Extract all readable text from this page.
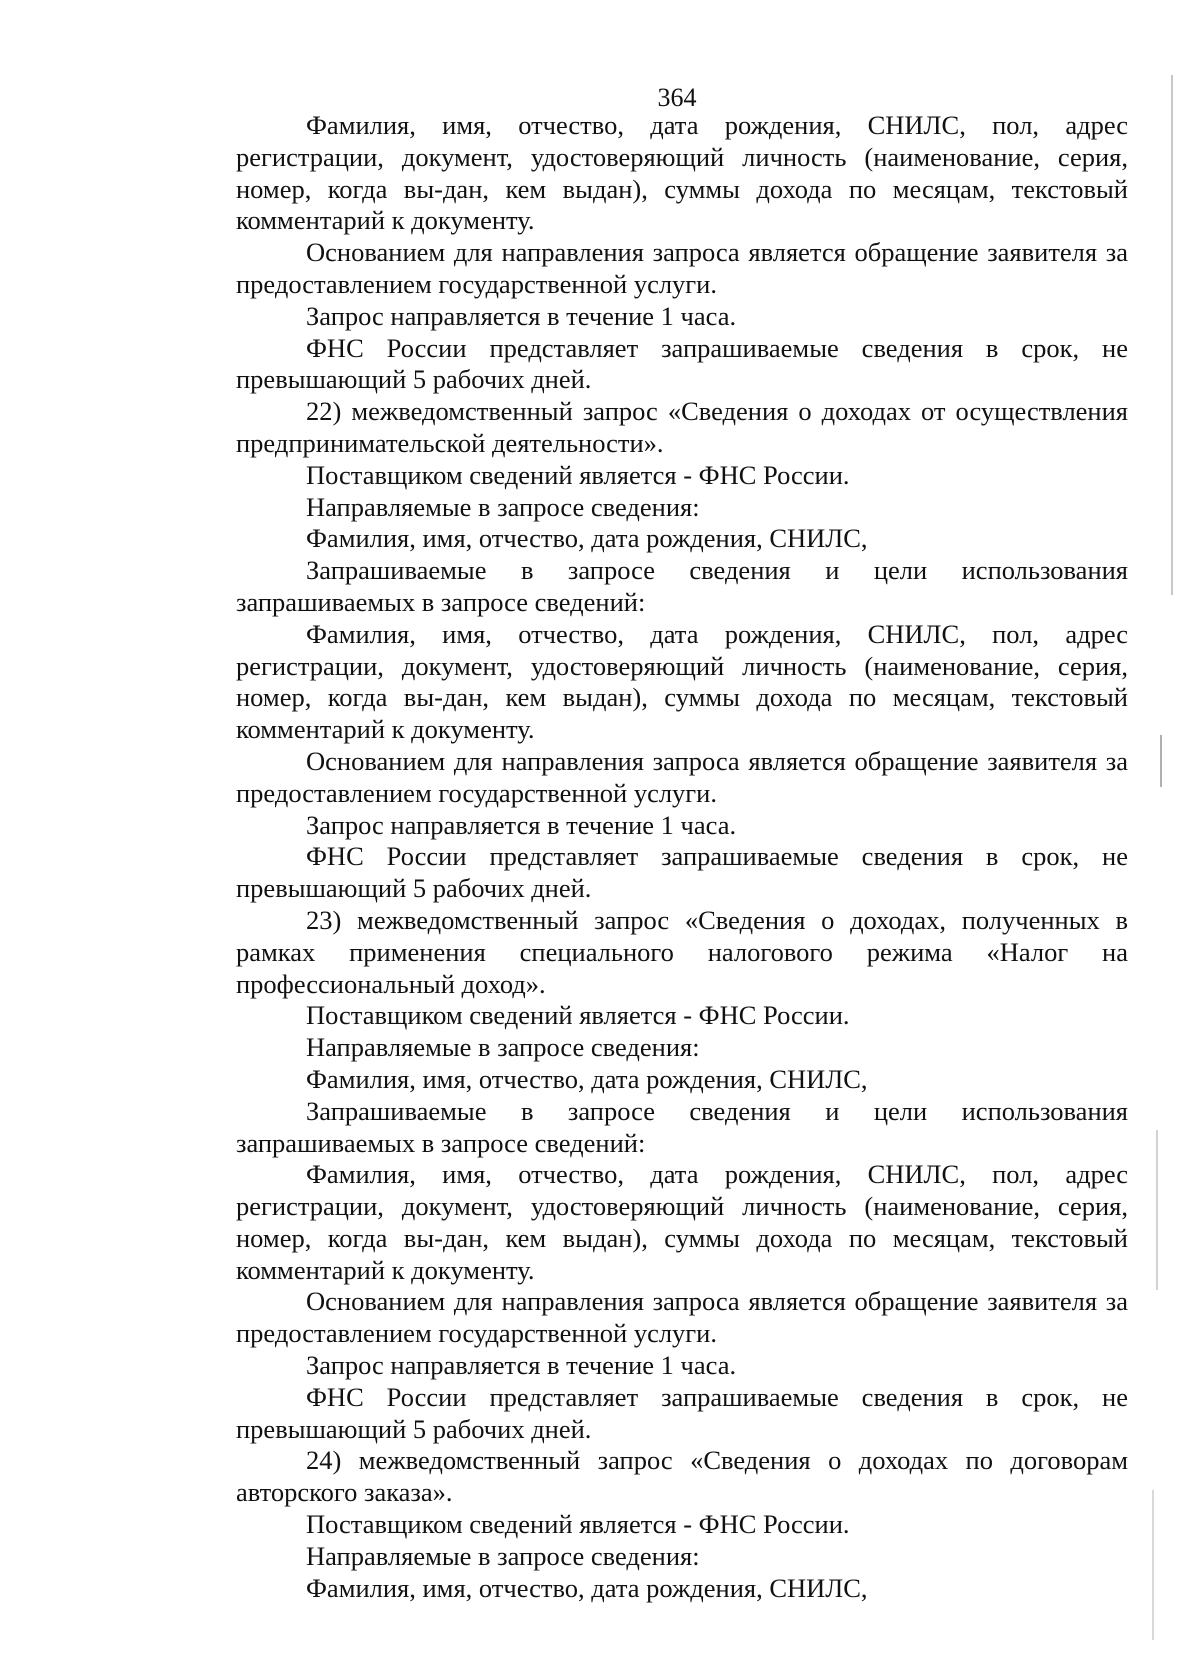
364

Фамилия, имя, отчество, дата рождения, СНИЛС, пол, адрес регистрации, документ, удостоверяющий личность (наименование, серия, номер, когда вы-дан, кем выдан), суммы дохода по месяцам, текстовый комментарий к документу.

Основанием для направления запроса является обращение заявителя за предоставлением государственной услуги.

Запрос направляется в течение 1 часа.

ФНС России представляет запрашиваемые сведения в срок, не превышающий 5 рабочих дней.

22) межведомственный запрос «Сведения о доходах от осуществления предпринимательской деятельности».

Поставщиком сведений является - ФНС России.

Направляемые в запросе сведения:

Фамилия, имя, отчество, дата рождения, СНИЛС,

Запрашиваемые в запросе сведения и цели использования запрашиваемых в запросе сведений:

Фамилия, имя, отчество, дата рождения, СНИЛС, пол, адрес регистрации, документ, удостоверяющий личность (наименование, серия, номер, когда вы-дан, кем выдан), суммы дохода по месяцам, текстовый комментарий к документу.

Основанием для направления запроса является обращение заявителя за предоставлением государственной услуги.

Запрос направляется в течение 1 часа.

ФНС России представляет запрашиваемые сведения в срок, не превышающий 5 рабочих дней.

23) межведомственный запрос «Сведения о доходах, полученных в рамках применения специального налогового режима «Налог на профессиональный доход».

Поставщиком сведений является - ФНС России.

Направляемые в запросе сведения:

Фамилия, имя, отчество, дата рождения, СНИЛС,

Запрашиваемые в запросе сведения и цели использования запрашиваемых в запросе сведений:

Фамилия, имя, отчество, дата рождения, СНИЛС, пол, адрес регистрации, документ, удостоверяющий личность (наименование, серия, номер, когда вы-дан, кем выдан), суммы дохода по месяцам, текстовый комментарий к документу.

Основанием для направления запроса является обращение заявителя за предоставлением государственной услуги.

Запрос направляется в течение 1 часа.

ФНС России представляет запрашиваемые сведения в срок, не превышающий 5 рабочих дней.

24) межведомственный запрос «Сведения о доходах по договорам авторского заказа».

Поставщиком сведений является - ФНС России.

Направляемые в запросе сведения:

Фамилия, имя, отчество, дата рождения, СНИЛС,
